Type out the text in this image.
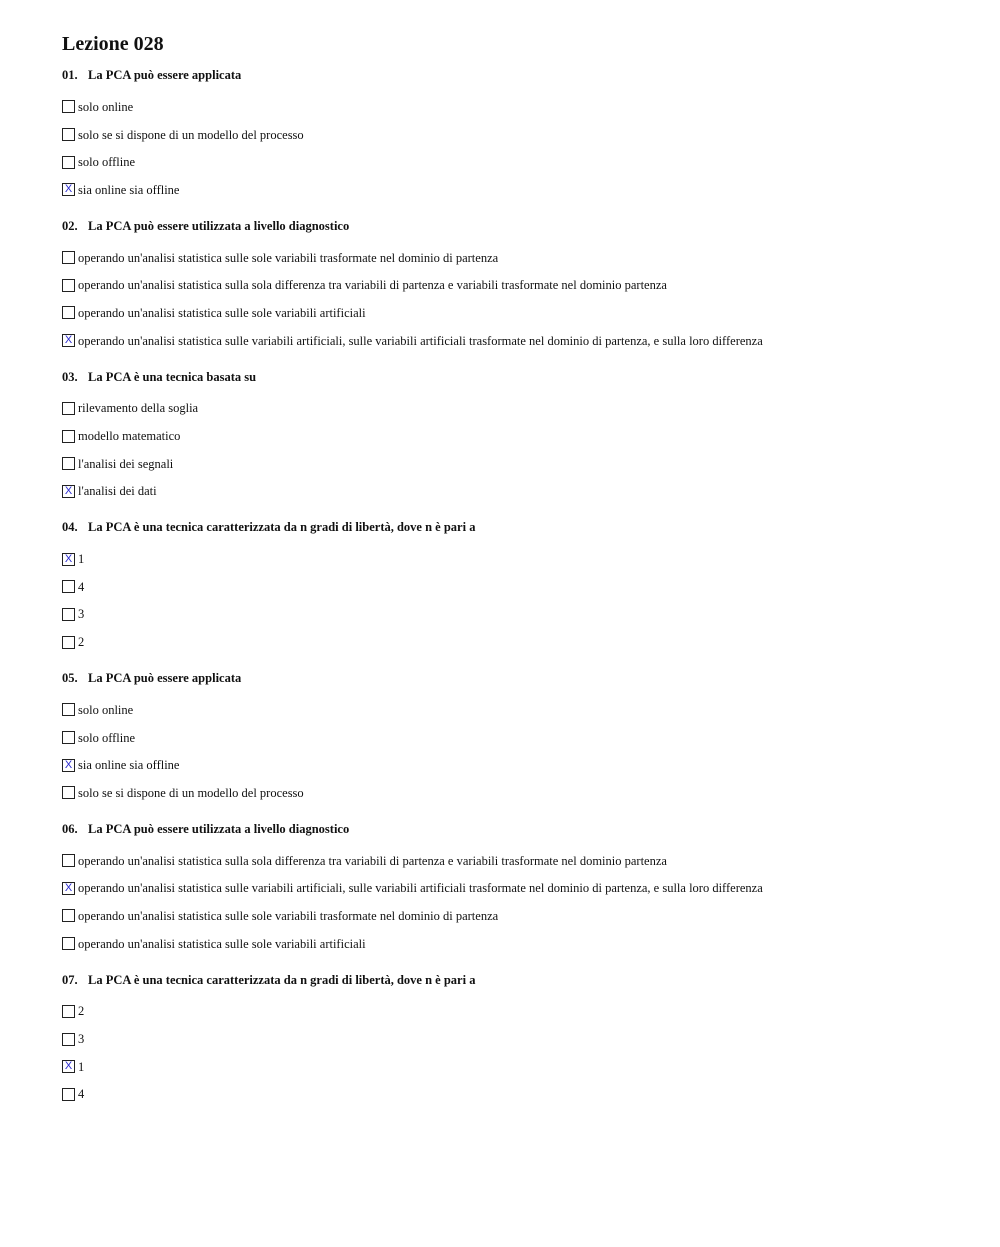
Lezione 028
01. La PCA può essere applicata
solo online
solo se si dispone di un modello del processo
solo offline
X sia online sia offline
02. La PCA può essere utilizzata a livello diagnostico
operando un'analisi statistica sulle sole variabili trasformate nel dominio di partenza
operando un'analisi statistica sulla sola differenza tra variabili di partenza e variabili trasformate nel dominio partenza
operando un'analisi statistica sulle sole variabili artificiali
X operando un'analisi statistica sulle variabili artificiali, sulle variabili artificiali trasformate nel dominio di partenza, e sulla loro differenza
03. La PCA è una tecnica basata su
rilevamento della soglia
modello matematico
l'analisi dei segnali
X l'analisi dei dati
04. La PCA è una tecnica caratterizzata da n gradi di libertà, dove n è pari a
X 1
4
3
2
05. La PCA può essere applicata
solo online
solo offline
X sia online sia offline
solo se si dispone di un modello del processo
06. La PCA può essere utilizzata a livello diagnostico
operando un'analisi statistica sulla sola differenza tra variabili di partenza e variabili trasformate nel dominio partenza
X operando un'analisi statistica sulle variabili artificiali, sulle variabili artificiali trasformate nel dominio di partenza, e sulla loro differenza
operando un'analisi statistica sulle sole variabili trasformate nel dominio di partenza
operando un'analisi statistica sulle sole variabili artificiali
07. La PCA è una tecnica caratterizzata da n gradi di libertà, dove n è pari a
2
3
X 1
4
